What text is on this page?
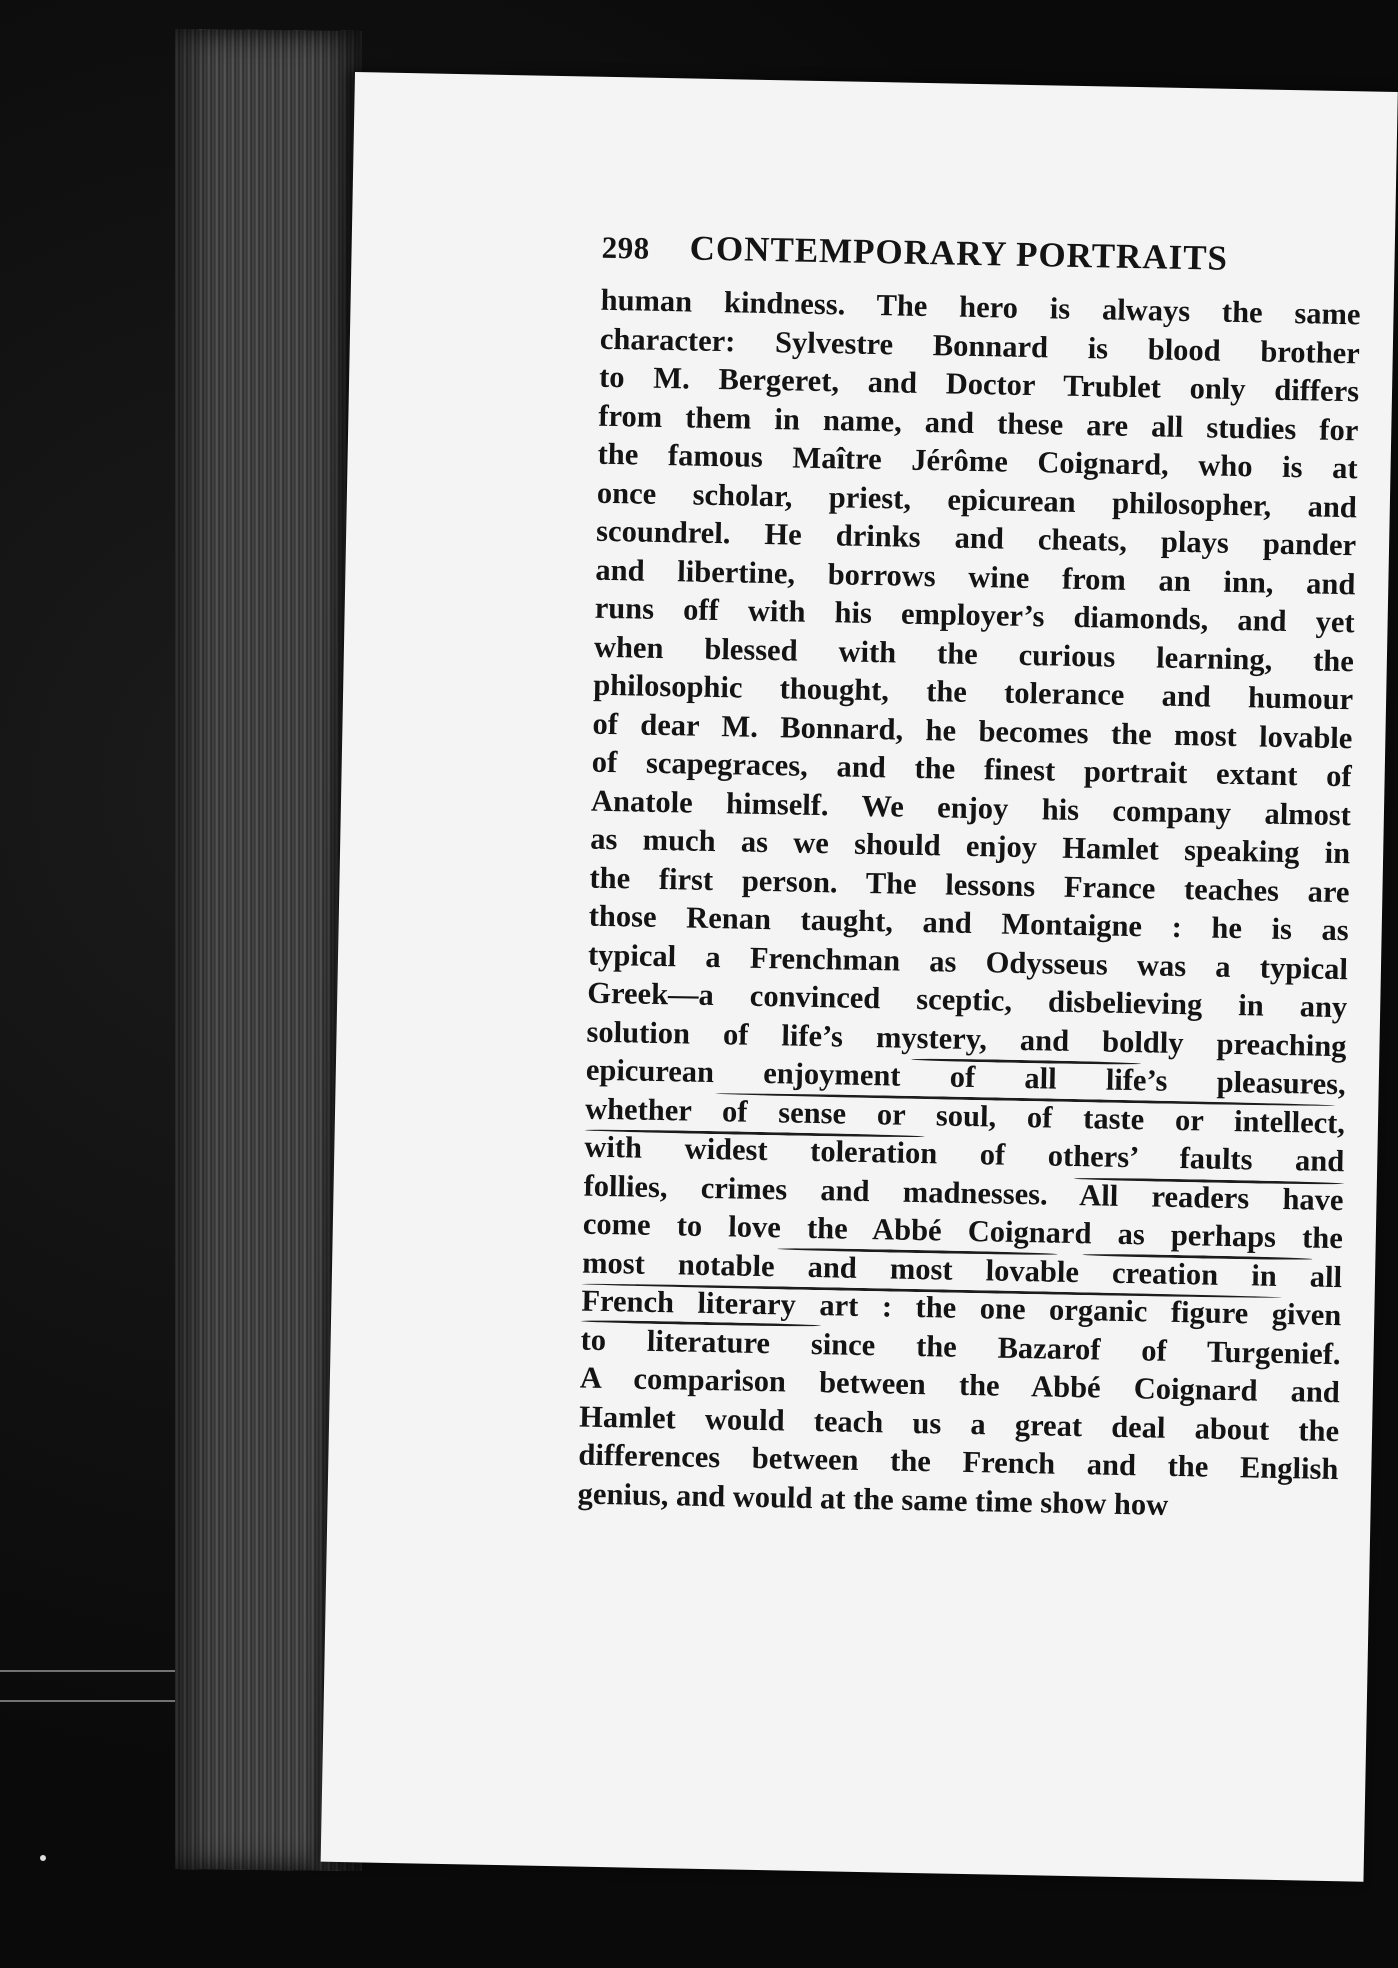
298 CONTEMPORARY PORTRAITS
human kindness. The hero is always the same
character: Sylvestre Bonnard is blood brother
to M. Bergeret, and Doctor Trublet only differs
from them in name, and these are all studies for
the famous Maître Jérôme Coignard, who is at
once scholar, priest, epicurean philosopher, and
scoundrel. He drinks and cheats, plays pander
and libertine, borrows wine from an inn, and
runs off with his employer’s diamonds, and yet
when blessed with the curious learning, the
philosophic thought, the tolerance and humour
of dear M. Bonnard, he becomes the most lovable
of scapegraces, and the finest portrait extant of
Anatole himself. We enjoy his company almost
as much as we should enjoy Hamlet speaking in
the first person. The lessons France teaches are
those Renan taught, and Montaigne : he is as
typical a Frenchman as Odysseus was a typical
Greek—a convinced sceptic, disbelieving in any
solution of life’s mystery, and boldly preaching
epicurean enjoyment of all life’s pleasures,
whether of sense or soul, of taste or intellect,
with widest toleration of others’ faults and
follies, crimes and madnesses. All readers have
come to love the Abbé Coignard as perhaps the
most notable and most lovable creation in all
French literary art : the one organic figure given
to literature since the Bazarof of Turgenief.
A comparison between the Abbé Coignard and
Hamlet would teach us a great deal about the
differences between the French and the English
genius, and would at the same time show how
